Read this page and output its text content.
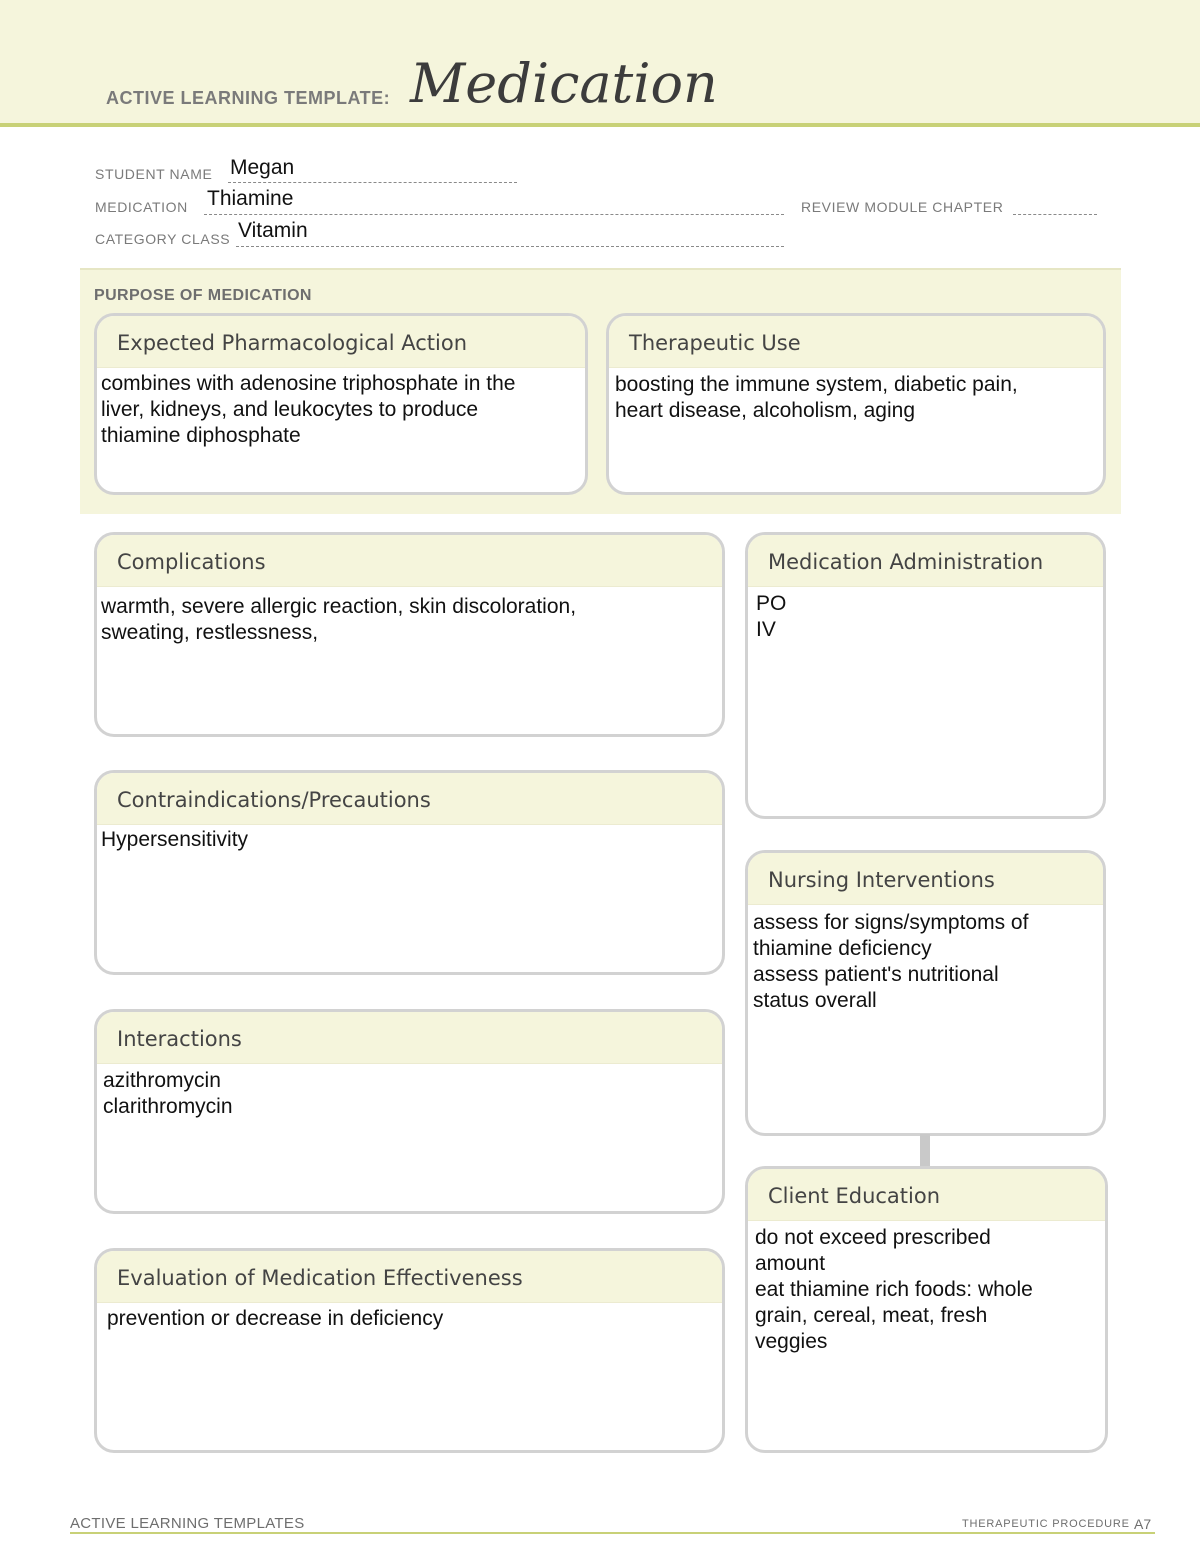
ACTIVE LEARNING TEMPLATE: Medication
STUDENT NAME Megan
MEDICATION Thiamine	REVIEW MODULE CHAPTER
CATEGORY CLASS Vitamin
PURPOSE OF MEDICATION
Expected Pharmacological Action
combines with adenosine triphosphate in the
liver, kidneys, and leukocytes to produce
thiamine diphosphate
Therapeutic Use
boosting the immune system, diabetic pain,
heart disease, alcoholism, aging
Complications
warmth, severe allergic reaction, skin discoloration,
sweating, restlessness,
Contraindications/Precautions
Hypersensitivity
Interactions
azithromycin
clarithromycin
Evaluation of Medication Effectiveness
prevention or decrease in deficiency
Medication Administration
PO
IV
Nursing Interventions
assess for signs/symptoms of
thiamine deficiency
assess patient's nutritional
status overall
Client Education
do not exceed prescribed
amount
eat thiamine rich foods: whole
grain, cereal, meat, fresh
veggies
ACTIVE LEARNING TEMPLATES	THERAPEUTIC PROCEDURE A7
